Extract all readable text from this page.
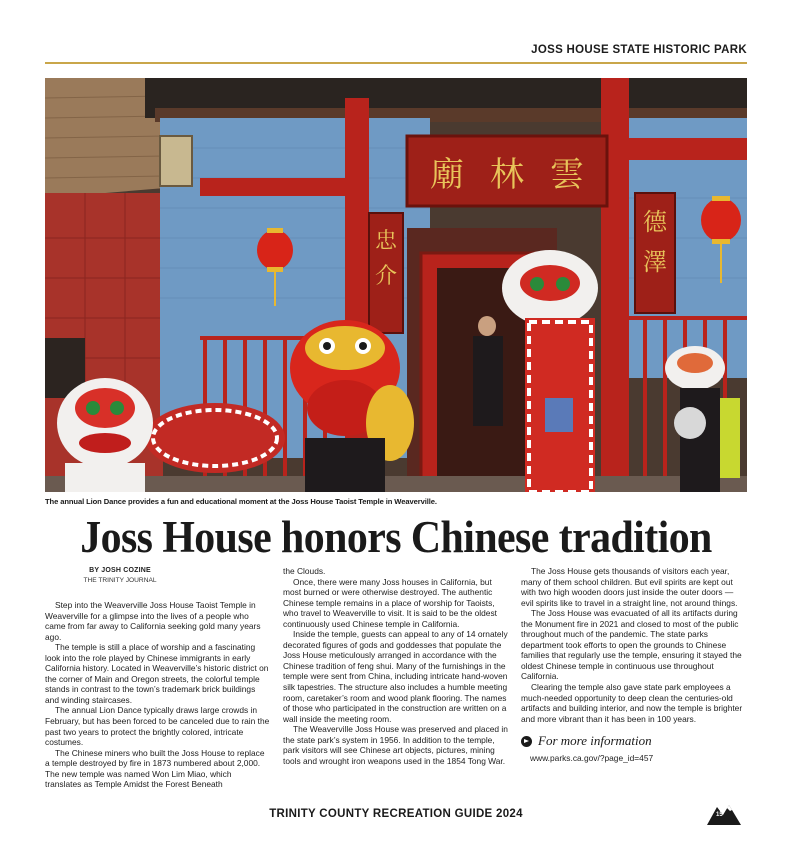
JOSS HOUSE STATE HISTORIC PARK
廟 林 雲
忠
介
德
澤
The annual Lion Dance provides a fun and educational moment at the Joss House Taoist Temple in Weaverville.
Joss House honors Chinese tradition
BY JOSH COZINE
THE TRINITY JOURNAL

Step into the Weaverville Joss House Taoist Temple in Weaverville for a glimpse into the lives of a people who came from far away to California seeking gold many years ago.

The temple is still a place of worship and a fascinating look into the role played by Chinese immigrants in early California history. Located in Weaverville’s historic district on the corner of Main and Oregon streets, the colorful temple stands in contrast to the town’s trademark brick buildings and winding staircases.

The annual Lion Dance typically draws large crowds in February, but has been forced to be canceled due to rain the past two years to protect the brightly colored, intricate costumes.

The Chinese miners who built the Joss House to replace a temple destroyed by fire in 1873 numbered about 2,000. The new temple was named Won Lim Miao, which translates as Temple Amidst the Forest Beneath

the Clouds.

Once, there were many Joss houses in California, but most burned or were otherwise destroyed. The authentic Chinese temple remains in a place of worship for Taoists, who travel to Weaverville to visit. It is said to be the oldest continuously used Chinese temple in California.

Inside the temple, guests can appeal to any of 14 ornately decorated figures of gods and goddesses that populate the Joss House meticulously arranged in accordance with the Chinese tradition of feng shui. Many of the furnishings in the temple were sent from China, including intricate hand-woven silk tapestries. The structure also includes a humble meeting room, caretaker’s room and wood plank flooring. The names of those who participated in the construction are written on a wall inside the meeting room.

The Weaverville Joss House was preserved and placed in the state park’s system in 1956. In addition to the temple, park visitors will see Chinese art objects, pictures, mining tools and wrought iron weapons used in the 1854 Tong War.

The Joss House gets thousands of visitors each year, many of them school children. But evil spirits are kept out with two high wooden doors just inside the outer doors — evil spirits like to travel in a straight line, not around things.

The Joss House was evacuated of all its artifacts during the Monument fire in 2021 and closed to most of the public throughout much of the pandemic. The state parks department took efforts to open the grounds to Chinese families that regularly use the temple, ensuring it stayed the oldest Chinese temple in continuous use throughout California.

Clearing the temple also gave state park employees a much-needed opportunity to deep clean the centuries-old artifacts and building interior, and now the temple is brighter and more vibrant than it has been in 100 years.

For more information
www.parks.ca.gov/?page_id=457
TRINITY COUNTY RECREATION GUIDE 2024	15
